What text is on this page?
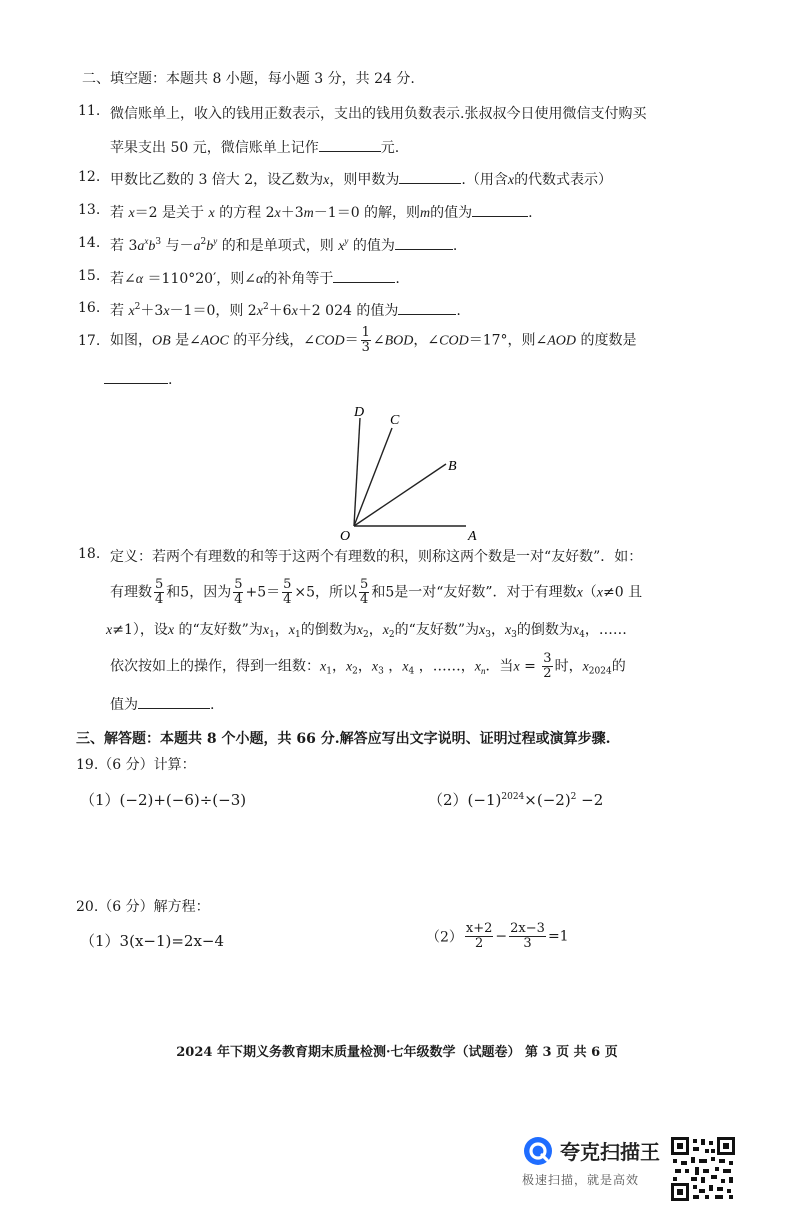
二、填空题：本题共 8 小题，每小题 3 分，共 24 分.
11. 微信账单上，收入的钱用正数表示，支出的钱用负数表示.张叔叔今日使用微信支付购买
苹果支出 50 元，微信账单上记作	元.
12. 甲数比乙数的 3 倍大 2，设乙数为x，则甲数为	.（用含x的代数式表示）
13. 若 x＝2 是关于 x 的方程 2x＋3m－1＝0 的解，则m的值为	.
14. 若 $3a^xb^3$ 与$-a^2b^y$ 的和是单项式，则 $x^y$ 的值为	.
15. 若∠α ＝110°20′，则∠α的补角等于	.
16. 若 $x^2+3x-1=0$，则 $2x^2+6x+2$ 024 的值为	.
17. 如图，OB 是∠AOC 的平分线，∠COD＝ $\frac{1}{3}$ ∠BOD，∠COD＝17°，则∠AOD 的度数是
.
D
C
B
O	A
18. 定义：若两个有理数的和等于这两个有理数的积，则称这两个数是一对“友好数”．如：
有理数 $\frac{5}{4}$ 和5，因为 $\frac{5}{4} +5= \frac{5}{4} \times 5$，所以 $\frac{5}{4}$ 和5是一对“友好数”．对于有理数x（x≠0 且
x≠1），设x 的“友好数”为$x_1$，$x_1$的倒数为$x_2$，$x_2$的“友好数”为$x_3$，$x_3$的倒数为$x_4$，……
依次按如上的操作，得到一组数：$x_1$，$x_2$，$x_3$ ，$x_4$ ，……，$x_n$．当$x = \frac{3}{2}$ 时，$x_{2024}$的
值为	.
三、解答题：本题共 8 个小题，共 66 分.解答应写出文字说明、证明过程或演算步骤.
19.（6 分）计算：
（1）(−2)+(−6)÷(−3)	$(2)(-1)^{2024}\times(-2)^2 -2$
20.（6 分）解方程：
（1）3(x−1)=2x−4	$(2) \frac{x+2}{2} - \frac{2x-3}{3} =1$
2024 年下期义务教育期末质量检测·七年级数学（试题卷） 第 3 页 共 6 页
夸克扫描王
极速扫描，就是高效
